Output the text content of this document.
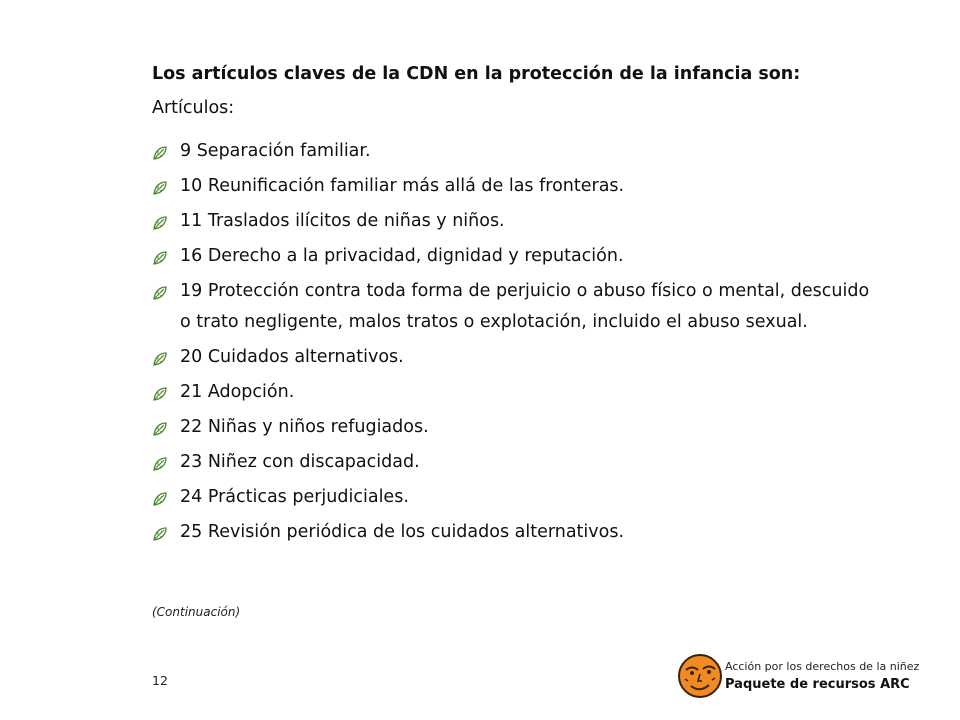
Los artículos claves de la CDN en la protección de la infancia son:
Artículos:
9 Separación familiar.
10 Reunificación familiar más allá de las fronteras.
11 Traslados ilícitos de niñas y niños.
16 Derecho a la privacidad, dignidad y reputación.
19 Protección contra toda forma de perjuicio o abuso físico o mental, descuido o trato negligente, malos tratos o explotación, incluido el abuso sexual.
20 Cuidados alternativos.
21 Adopción.
22 Niñas y niños refugiados.
23 Niñez con discapacidad.
24 Prácticas perjudiciales.
25 Revisión periódica de los cuidados alternativos.
(Continuación)
12
Acción por los derechos de la niñez
Paquete de recursos ARC
